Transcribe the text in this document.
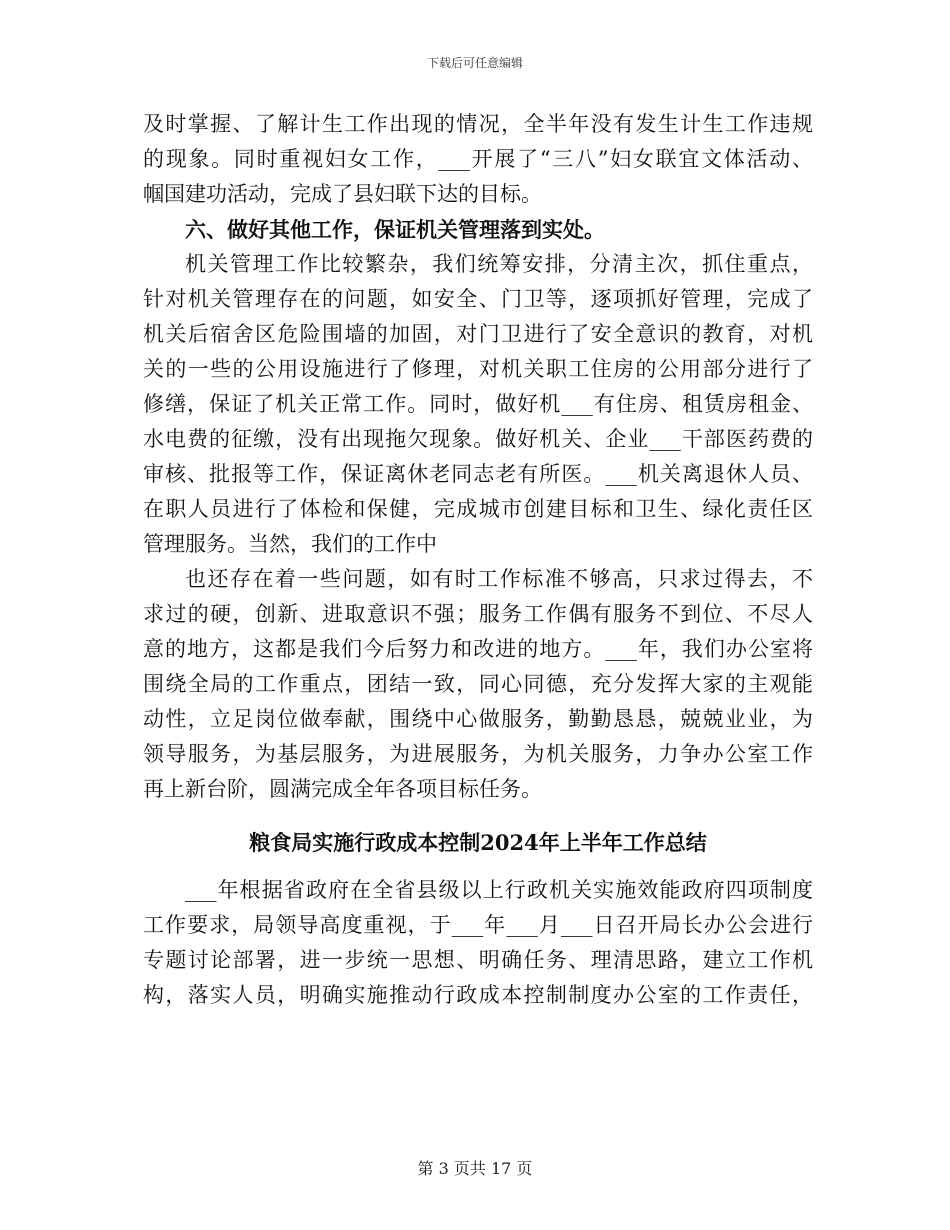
下载后可任意编辑
及时掌握、了解计生工作出现的情况，全半年没有发生计生工作违规
的现象。同时重视妇女工作，___开展了“三八”妇女联宜文体活动、
帼国建功活动，完成了县妇联下达的目标。
六、做好其他工作，保证机关管理落到实处。
机关管理工作比较繁杂，我们统筹安排，分清主次，抓住重点，
针对机关管理存在的问题，如安全、门卫等，逐项抓好管理，完成了
机关后宿舍区危险围墙的加固，对门卫进行了安全意识的教育，对机
关的一些的公用设施进行了修理，对机关职工住房的公用部分进行了
修缮，保证了机关正常工作。同时，做好机___有住房、租赁房租金、
水电费的征缴，没有出现拖欠现象。做好机关、企业___干部医药费的
审核、批报等工作，保证离休老同志老有所医。___机关离退休人员、
在职人员进行了体检和保健，完成城市创建目标和卫生、绿化责任区
管理服务。当然，我们的工作中
也还存在着一些问题，如有时工作标准不够高，只求过得去，不
求过的硬，创新、进取意识不强；服务工作偶有服务不到位、不尽人
意的地方，这都是我们今后努力和改进的地方。___年，我们办公室将
围绕全局的工作重点，团结一致，同心同德，充分发挥大家的主观能
动性，立足岗位做奉献，围绕中心做服务，勤勤恳恳，兢兢业业，为
领导服务，为基层服务，为进展服务，为机关服务，力争办公室工作
再上新台阶，圆满完成全年各项目标任务。
粮食局实施行政成本控制2024年上半年工作总结
___年根据省政府在全省县级以上行政机关实施效能政府四项制度
工作要求，局领导高度重视，于___年___月___日召开局长办公会进行
专题讨论部署，进一步统一思想、明确任务、理清思路，建立工作机
构，落实人员，明确实施推动行政成本控制制度办公室的工作责任，
第 3 页共 17 页
